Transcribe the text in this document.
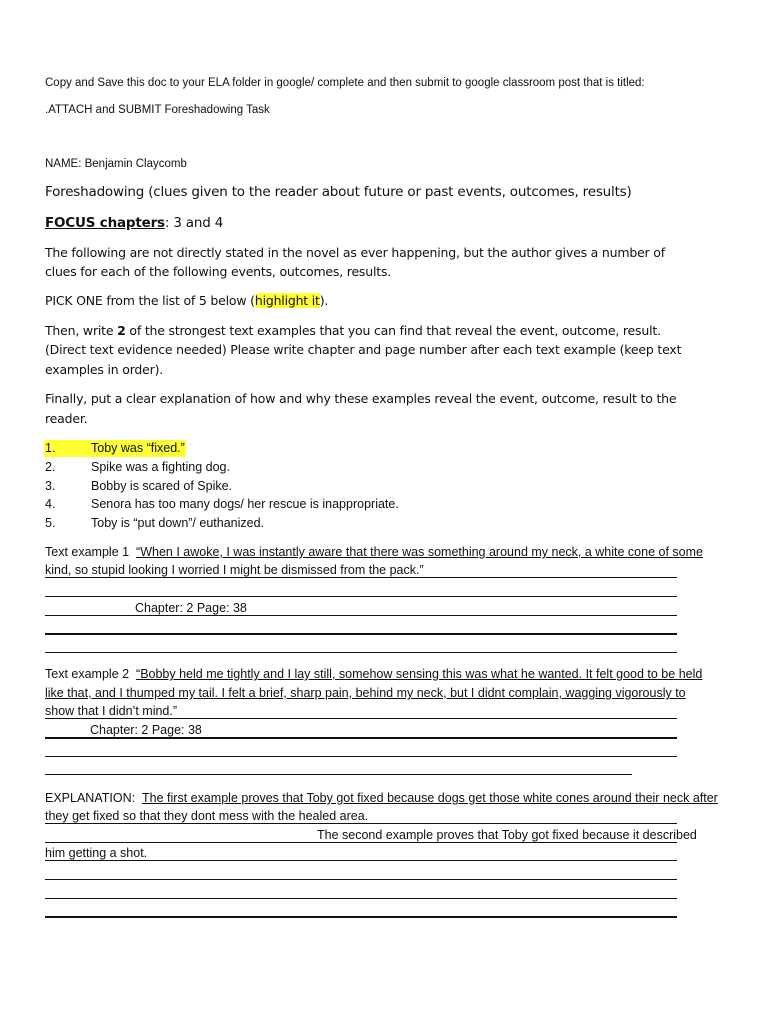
Copy and Save this doc to your ELA folder in google/ complete and then submit to google classroom post that is titled:
.ATTACH and SUBMIT Foreshadowing Task
NAME: Benjamin Claycomb
Foreshadowing (clues given to the reader about future or past events, outcomes, results)
FOCUS chapters: 3 and 4
The following are not directly stated in the novel as ever happening, but the author gives a number of
clues for each of the following events, outcomes, results.
PICK ONE from the list of 5 below (highlight it).
Then, write 2 of the strongest text examples that you can find that reveal the event, outcome, result.
(Direct text evidence needed) Please write chapter and page number after each text example (keep text
examples in order).
Finally, put a clear explanation of how and why these examples reveal the event, outcome, result to the
reader.
1.	Toby was “fixed.”
2.	Spike was a fighting dog.
3.	Bobby is scared of Spike.
4.	Senora has too many dogs/ her rescue is inappropriate.
5.	Toby is “put down”/ euthanized.
Text example 1 “When I awoke, I was instantly aware that there was something around my neck, a white cone of some
kind, so stupid looking I worried I might be dismissed from the pack.”
Chapter: 2 Page: 38
Text example 2 “Bobby held me tightly and I lay still, somehow sensing this was what he wanted. It felt good to be held
like that, and I thumped my tail. I felt a brief, sharp pain, behind my neck, but I didnt complain, wagging vigorously to
show that I didn’t mind.”
Chapter: 2 Page: 38
EXPLANATION: The first example proves that Toby got fixed because dogs get those white cones around their neck after
they get fixed so that they dont mess with the healed area.
The second example proves that Toby got fixed because it described
him getting a shot.
